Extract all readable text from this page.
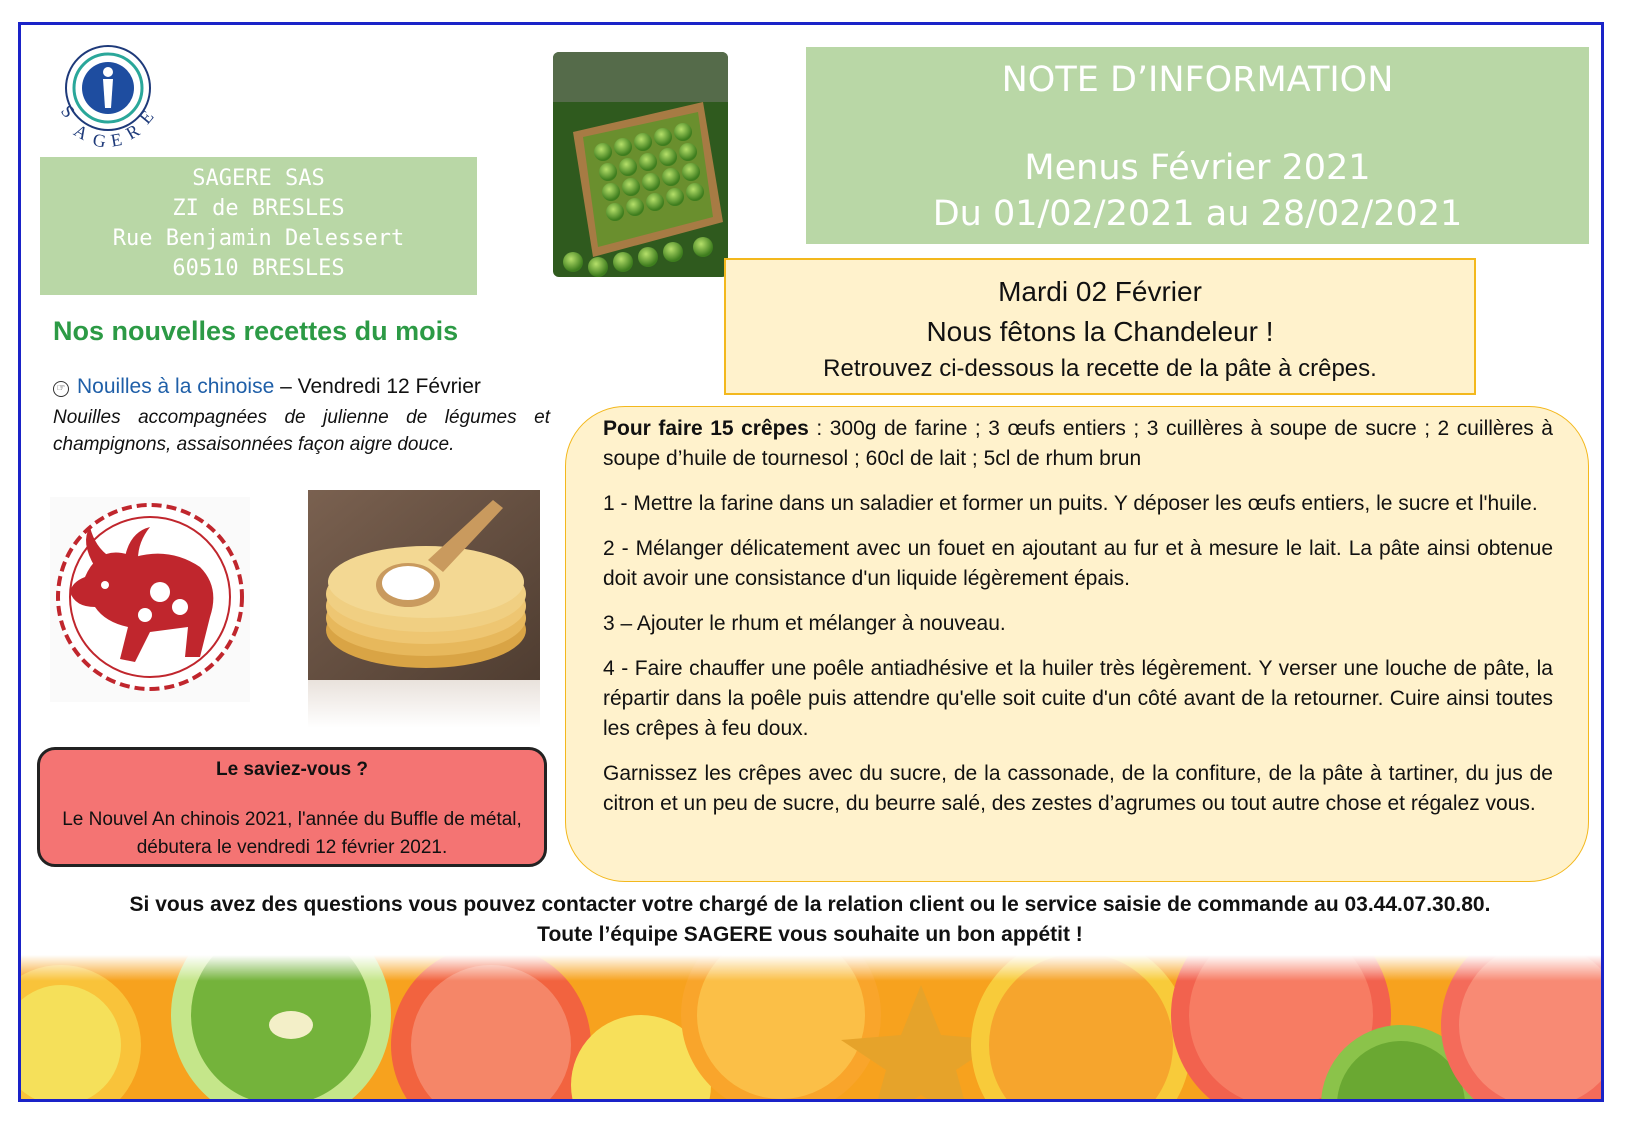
S
A G E
R
E
SAGERE SAS
ZI de BRESLES
Rue Benjamin Delessert
60510 BRESLES
NOTE D’INFORMATION
Menus Février 2021
Du 01/02/2021 au 28/02/2021
Mardi 02 Février
Nous fêtons la Chandeleur !
Retrouvez ci-dessous la recette de la pâte à crêpes.
Nos nouvelles recettes du mois
☞ Nouilles à la chinoise – Vendredi 12 Février
Nouilles accompagnées de julienne de légumes et champignons, assaisonnées façon aigre douce.
Le saviez-vous ?
Le Nouvel An chinois 2021, l'année du Buffle de métal, débutera le vendredi 12 février 2021.

Pour faire 15 crêpes : 300g de farine ; 3 œufs entiers ; 3 cuillères à soupe de sucre ; 2 cuillères à soupe d’huile de tournesol ; 60cl de lait ; 5cl de rhum brun

1 - Mettre la farine dans un saladier et former un puits. Y déposer les œufs entiers, le sucre et l'huile.

2 - Mélanger délicatement avec un fouet en ajoutant au fur et à mesure le lait. La pâte ainsi obtenue doit avoir une consistance d'un liquide légèrement épais.

3 – Ajouter le rhum et mélanger à nouveau.

4 - Faire chauffer une poêle antiadhésive et la huiler très légèrement. Y verser une louche de pâte, la répartir dans la poêle puis attendre qu'elle soit cuite d'un côté avant de la retourner. Cuire ainsi toutes les crêpes à feu doux.

Garnissez les crêpes avec du sucre, de la cassonade, de la confiture, de la pâte à tartiner, du jus de citron et un peu de sucre, du beurre salé, des zestes d’agrumes ou tout autre chose et régalez vous.

Si vous avez des questions vous pouvez contacter votre chargé de la relation client ou le service saisie de commande au 03.44.07.30.80.
Toute l’équipe SAGERE vous souhaite un bon appétit !
